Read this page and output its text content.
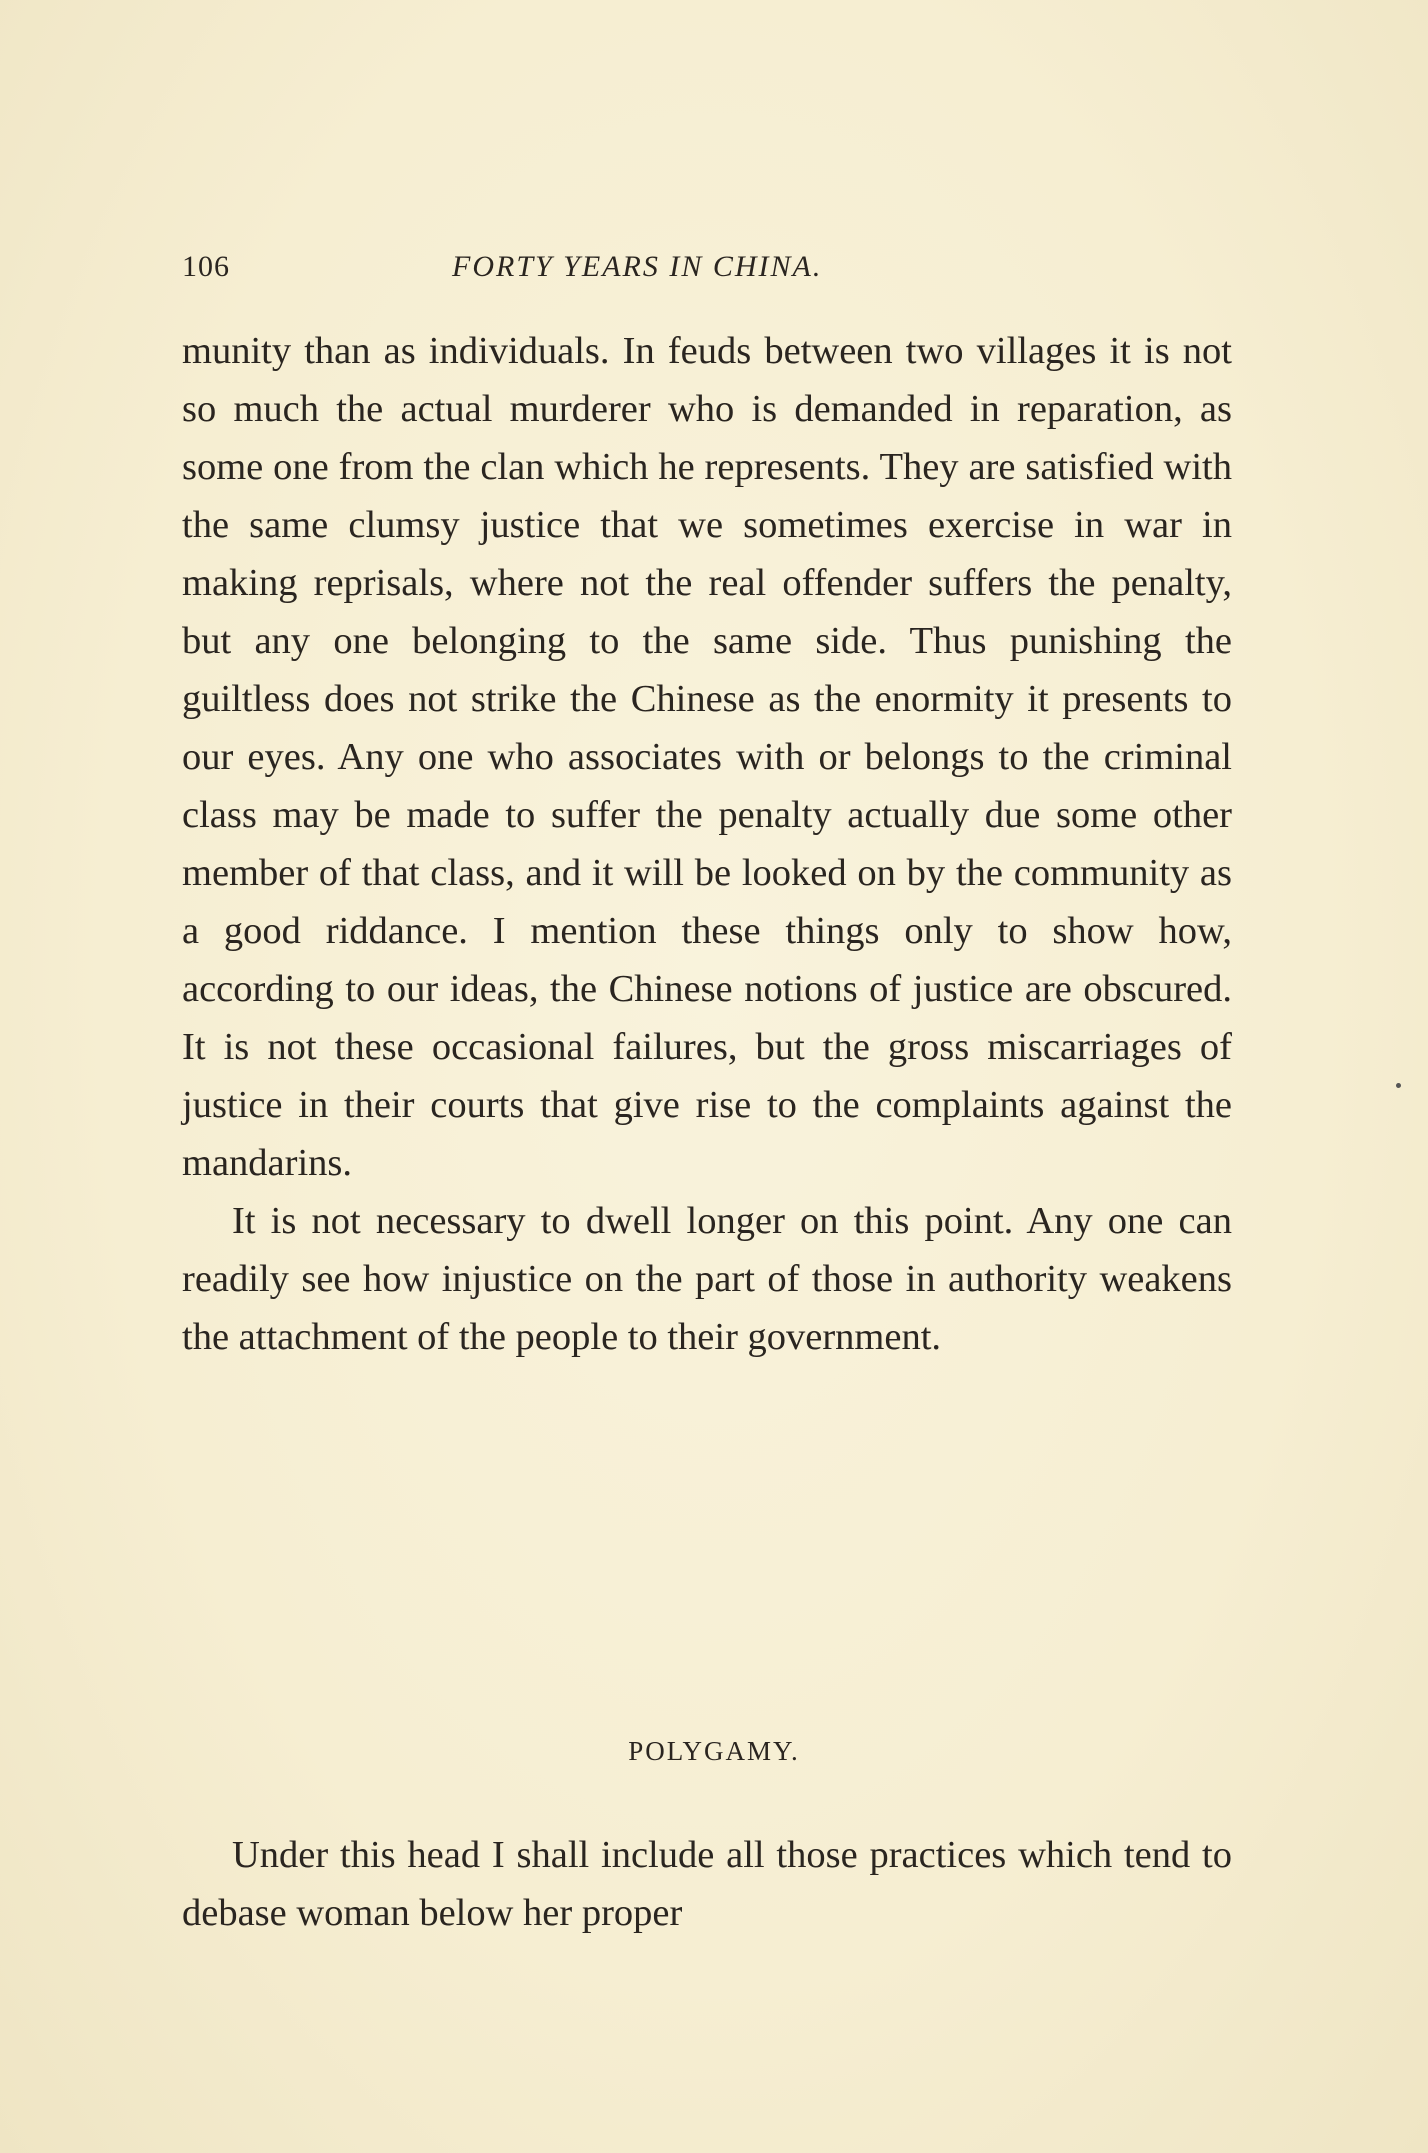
106	FORTY YEARS IN CHINA.

munity than as individuals. In feuds between two villages it is not so much the actual murderer who is demanded in reparation, as some one from the clan which he represents. They are satisfied with the same clumsy justice that we sometimes exercise in war in making reprisals, where not the real offender suffers the penalty, but any one belonging to the same side. Thus punishing the guiltless does not strike the Chinese as the enormity it presents to our eyes. Any one who associates with or belongs to the criminal class may be made to suffer the penalty actually due some other member of that class, and it will be looked on by the community as a good riddance. I mention these things only to show how, according to our ideas, the Chinese notions of justice are obscured. It is not these occasional failures, but the gross miscarriages of justice in their courts that give rise to the complaints against the mandarins.

It is not necessary to dwell longer on this point. Any one can readily see how injustice on the part of those in authority weakens the attachment of the people to their government.

POLYGAMY.

Under this head I shall include all those practices which tend to debase woman below her proper
